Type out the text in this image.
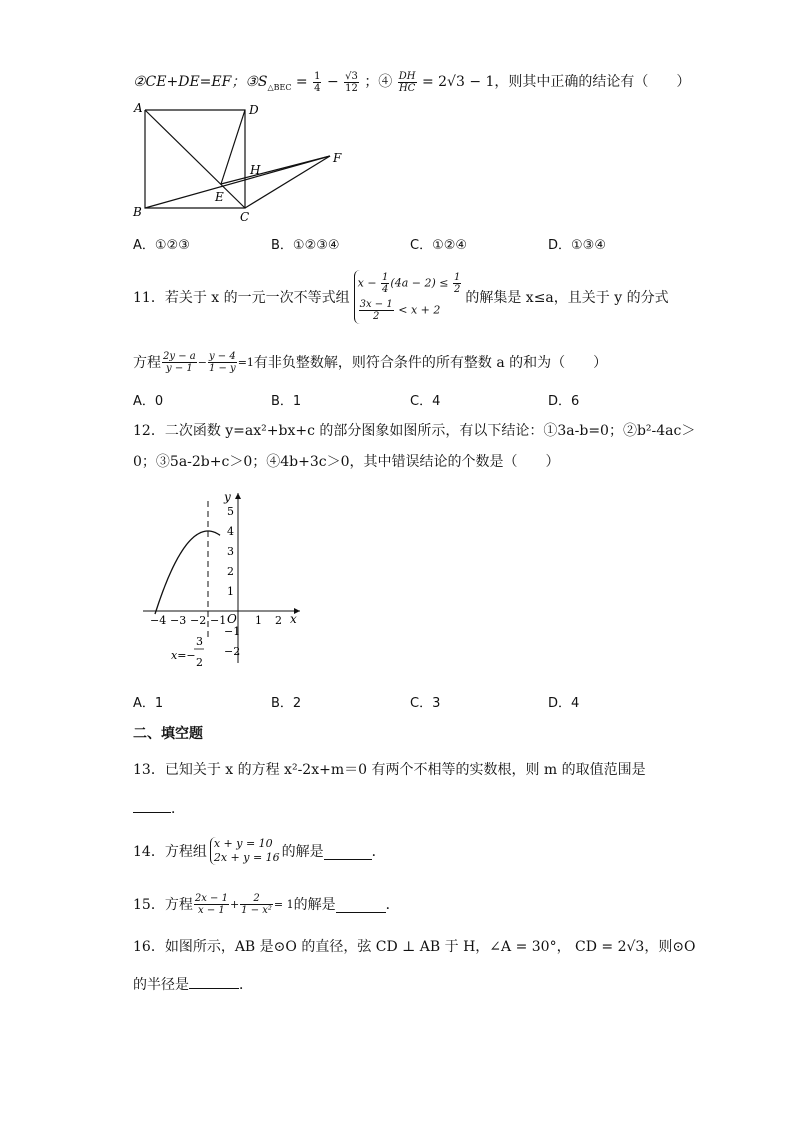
②CE+DE=EF；$③S_{\triangle BEC} = \frac{1}{4} - \frac{√3}{12}$ ；④ $\frac{DH}{HC} = 2√3 - 1$，则其中正确的结论有（　　）
A	D
H
F
E
B	C
A．①②③	B．①②③④	C．①②④	D．①③④
11．若关于 x 的一元一次不等式组
$x - \frac{1}{4} (4a - 2) \le \frac{1}{2}$
$\frac{3x - 1}{2} < x + 2$
的解集是 x≤a，且关于 y 的分式
方程 $\frac{2y - a}{y - 1} - \frac{y - 4}{1 - y} =1$ 有非负整数解，则符合条件的所有整数 a 的和为（　　）
A．0	B．1	C．4	D．6
12．二次函数 y=ax²+bx+c 的部分图象如图所示，有以下结论：①3a-b=0；②b²-4ac＞
0；③5a-2b+c＞0；④4b+3c＞0，其中错误结论的个数是（　　）
5
4
3
2
1
−1
−2
−4 −3 −2 −1	1 2
y
x
O
x=−
3
2
A．1	B．2	C．3	D．4
二、填空题
13．已知关于 x 的方程 x²-2x+m＝0 有两个不相等的实数根，则 m 的取值范围是
．
14．方程组
x + y = 10
2x + y = 16 的解是	．
15．方程 $\frac{2x - 1}{x - 1} + \frac{2}{\text{1 − x²}} = 1$ 的解是	．
16．如图所示，AB 是⊙O 的直径，弦 CD ⊥ AB 于 H，∠A = 30°， CD = 2√3，则⊙O
的半径是	．
